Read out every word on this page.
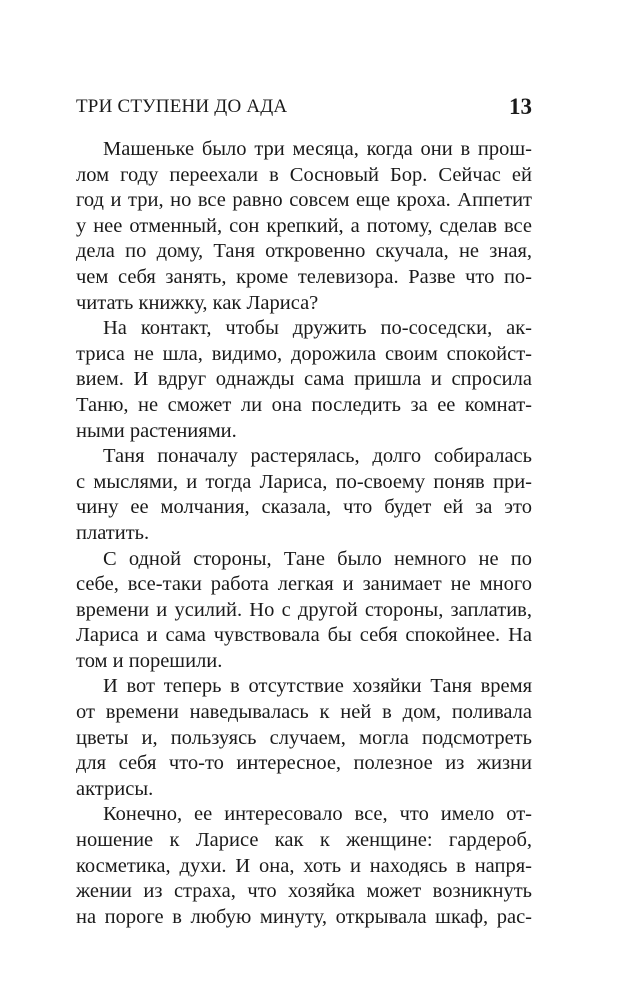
ТРИ СТУПЕНИ ДО АДА	13
Машеньке было три месяца, когда они в прош-
лом году переехали в Сосновый Бор. Сейчас ей
год и три, но все равно совсем еще кроха. Аппетит
у нее отменный, сон крепкий, а потому, сделав все
дела по дому, Таня откровенно скучала, не зная,
чем себя занять, кроме телевизора. Разве что по-
читать книжку, как Лариса?
На контакт, чтобы дружить по-соседски, ак-
триса не шла, видимо, дорожила своим спокойст-
вием. И вдруг однажды сама пришла и спросила
Таню, не сможет ли она последить за ее комнат-
ными растениями.
Таня поначалу растерялась, долго собиралась
с мыслями, и тогда Лариса, по-своему поняв при-
чину ее молчания, сказала, что будет ей за это
платить.
С одной стороны, Тане было немного не по
себе, все-таки работа легкая и занимает не много
времени и усилий. Но с другой стороны, заплатив,
Лариса и сама чувствовала бы себя спокойнее. На
том и порешили.
И вот теперь в отсутствие хозяйки Таня время
от времени наведывалась к ней в дом, поливала
цветы и, пользуясь случаем, могла подсмотреть
для себя что-то интересное, полезное из жизни
актрисы.
Конечно, ее интересовало все, что имело от-
ношение к Ларисе как к женщине: гардероб,
косметика, духи. И она, хоть и находясь в напря-
жении из страха, что хозяйка может возникнуть
на пороге в любую минуту, открывала шкаф, рас-
